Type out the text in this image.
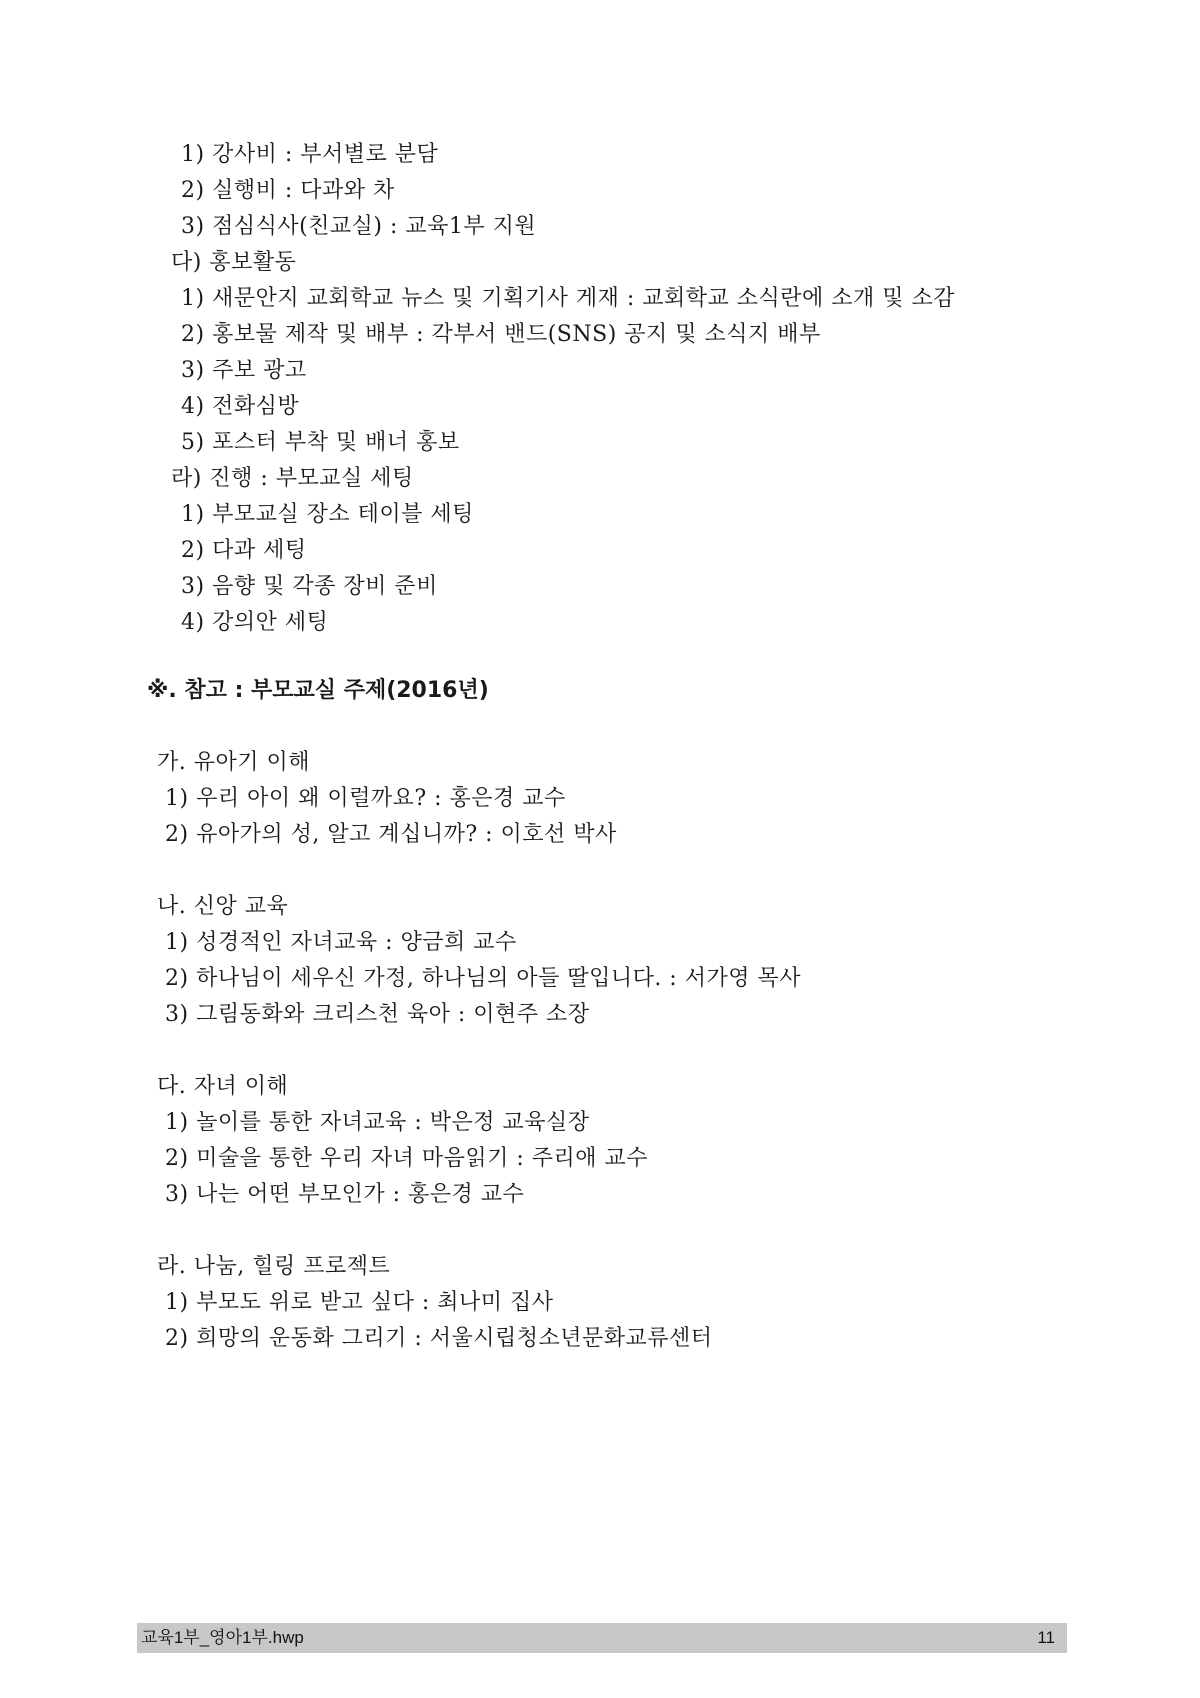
1) 강사비 : 부서별로 분담
2) 실행비 : 다과와 차
3) 점심식사(친교실) : 교육1부 지원
다) 홍보활동
1) 새문안지 교회학교 뉴스 및 기획기사 게재 : 교회학교 소식란에 소개 및 소감
2) 홍보물 제작 및 배부 : 각부서 밴드(SNS) 공지 및 소식지 배부
3) 주보 광고
4) 전화심방
5) 포스터 부착 및 배너 홍보
라) 진행 : 부모교실 세팅
1) 부모교실 장소 테이블 세팅
2) 다과 세팅
3) 음향 및 각종 장비 준비
4) 강의안 세팅
※. 참고 : 부모교실 주제(2016년)
가. 유아기 이해
1) 우리 아이 왜 이럴까요? : 홍은경 교수
2) 유아가의 성, 알고 계십니까? : 이호선 박사
나. 신앙 교육
1) 성경적인 자녀교육 : 양금희 교수
2) 하나님이 세우신 가정, 하나님의 아들 딸입니다. : 서가영 목사
3) 그림동화와 크리스천 육아 : 이현주 소장
다. 자녀 이해
1) 놀이를 통한 자녀교육 : 박은정 교육실장
2) 미술을 통한 우리 자녀 마음읽기 : 주리애 교수
3) 나는 어떤 부모인가 : 홍은경 교수
라. 나눔, 힐링 프로젝트
1) 부모도 위로 받고 싶다 : 최나미 집사
2) 희망의 운동화 그리기 : 서울시립청소년문화교류센터
교육1부_영아1부.hwp	11
